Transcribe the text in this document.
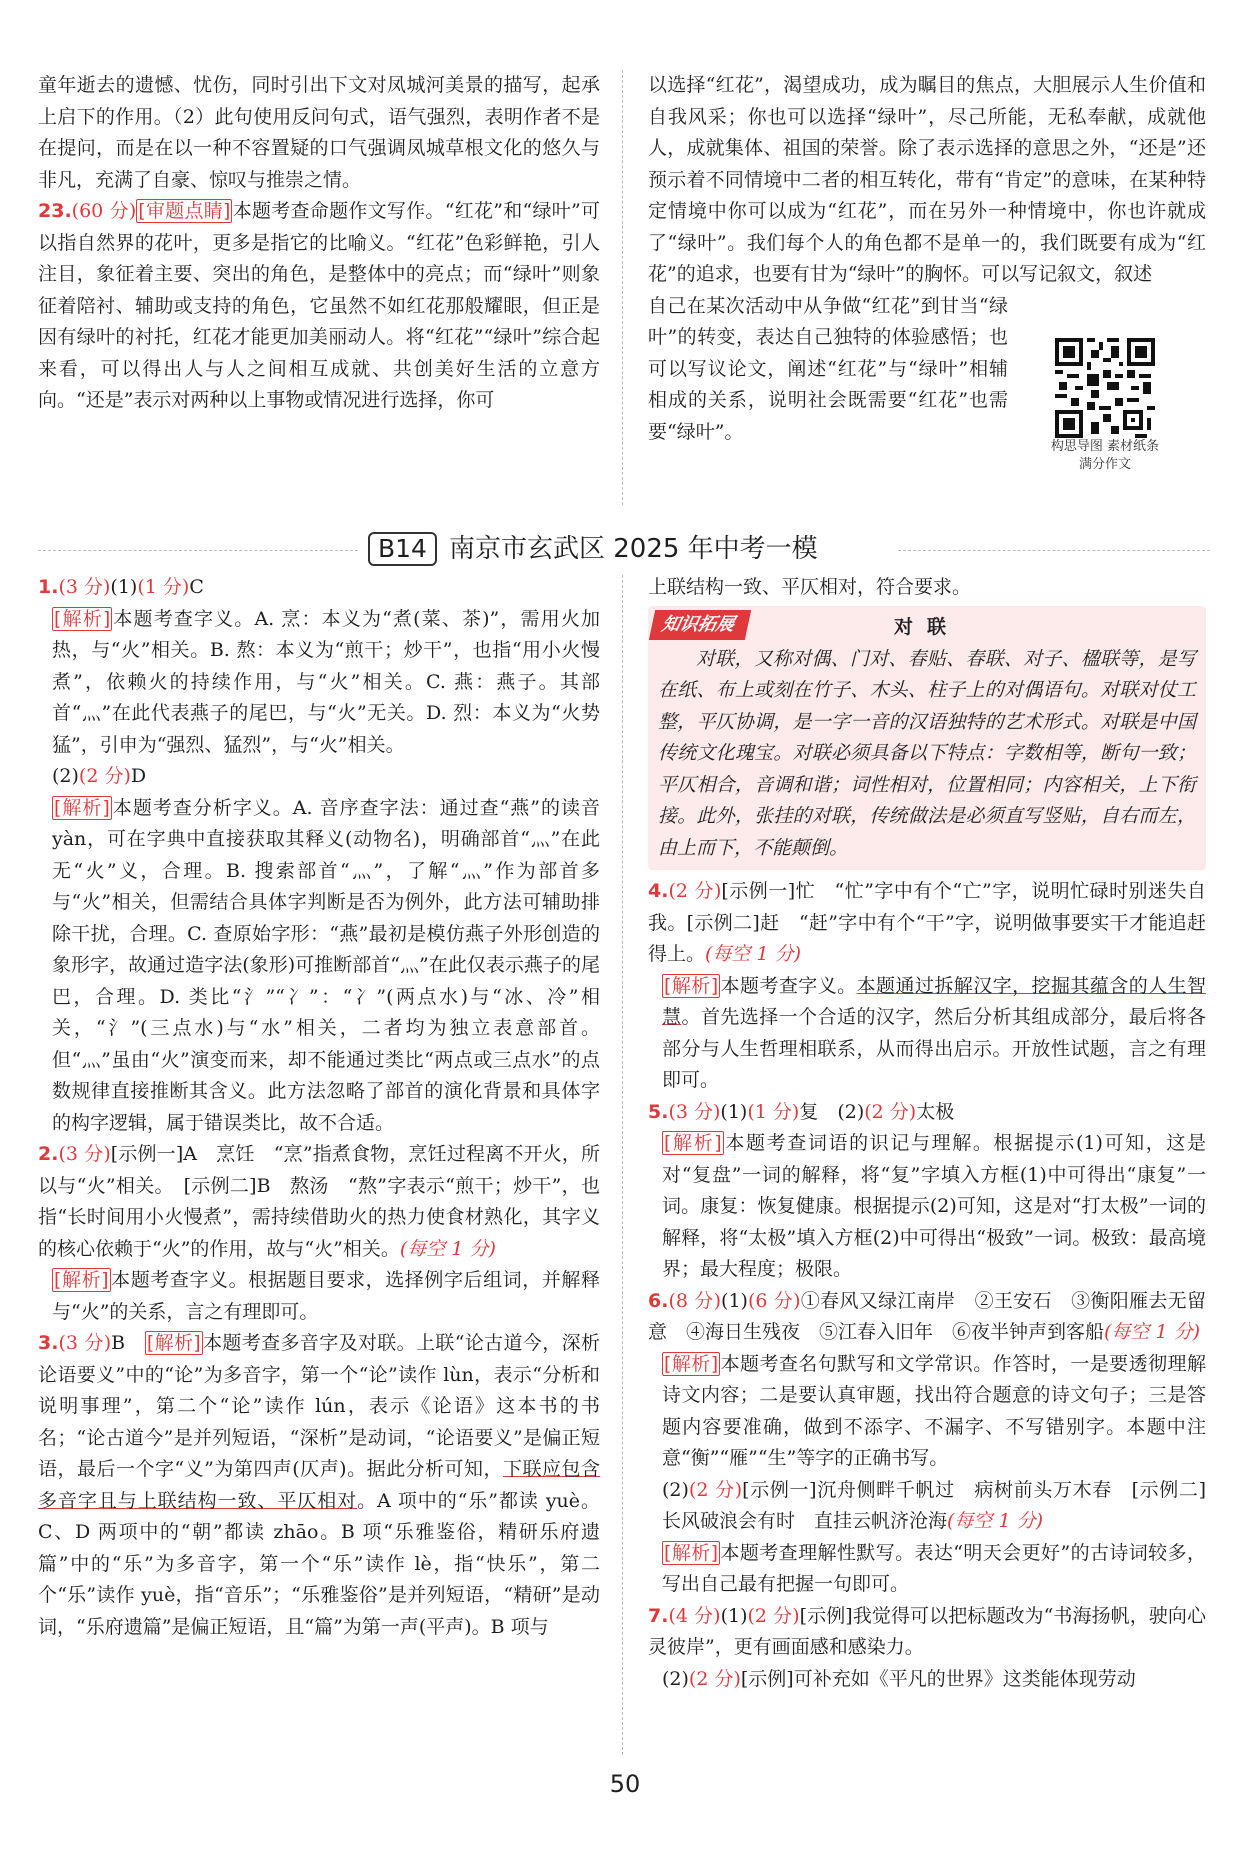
童年逝去的遗憾、忧伤，同时引出下文对凤城河美景的描写，起承上启下的作用。（2）此句使用反问句式，语气强烈，表明作者不是在提问，而是在以一种不容置疑的口气强调凤城草根文化的悠久与非凡，充满了自豪、惊叹与推崇之情。

23.(60 分) [审题点睛] 本题考查命题作文写作。“红花”和“绿叶”可以指自然界的花叶，更多是指它的比喻义。“红花”色彩鲜艳，引人注目，象征着主要、突出的角色，是整体中的亮点；而“绿叶”则象征着陪衬、辅助或支持的角色，它虽然不如红花那般耀眼，但正是因有绿叶的衬托，红花才能更加美丽动人。将“红花”“绿叶”综合起来看，可以得出人与人之间相互成就、共创美好生活的立意方向。“还是”表示对两种以上事物或情况进行选择，你可

以选择“红花”，渴望成功，成为瞩目的焦点，大胆展示人生价值和自我风采；你也可以选择“绿叶”，尽己所能，无私奉献，成就他人，成就集体、祖国的荣誉。除了表示选择的意思之外，“还是”还预示着不同情境中二者的相互转化，带有“肯定”的意味，在某种特定情境中你可以成为“红花”，而在另外一种情境中，你也许就成了“绿叶”。我们每个人的角色都不是单一的，我们既要有成为“红花”的追求，也要有甘为“绿叶”的胸怀。可以写记叙文，叙述

自己在某次活动中从争做“红花”到甘当“绿叶”的转变，表达自己独特的体验感悟；也可以写议论文，阐述“红花”与“绿叶”相辅相成的关系，说明社会既需要“红花”也需要“绿叶”。
构思导图 素材纸条
满分作文
B14 南京市玄武区 2025 年中考一模

1.(3 分)(1)(1 分)C

[解析] 本题考查字义。A. 烹：本义为“煮(菜、茶)”，需用火加热，与“火”相关。B. 熬：本义为“煎干；炒干”，也指“用小火慢煮”，依赖火的持续作用，与“火”相关。C. 燕：燕子。其部首“灬”在此代表燕子的尾巴，与“火”无关。D. 烈：本义为“火势猛”，引申为“强烈、猛烈”，与“火”相关。

(2)(2 分)D

[解析] 本题考查分析字义。A. 音序查字法：通过查“燕”的读音 yàn，可在字典中直接获取其释义(动物名)，明确部首“灬”在此无“火”义，合理。B. 搜索部首“灬”，了解“灬”作为部首多与“火”相关，但需结合具体字判断是否为例外，此方法可辅助排除干扰，合理。C. 查原始字形：“燕”最初是模仿燕子外形创造的象形字，故通过造字法(象形)可推断部首“灬”在此仅表示燕子的尾巴，合理。D. 类比“氵”“冫”：“冫”(两点水)与“冰、冷”相关，“氵”(三点水)与“水”相关，二者均为独立表意部首。但“灬”虽由“火”演变而来，却不能通过类比“两点或三点水”的点数规律直接推断其含义。此方法忽略了部首的演化背景和具体字的构字逻辑，属于错误类比，故不合适。

2.(3 分)[示例一]A　烹饪　“烹”指煮食物，烹饪过程离不开火，所以与“火”相关。　 [示例二]B　熬汤　“熬”字表示“煎干；炒干”，也指“长时间用小火慢煮”，需持续借助火的热力使食材熟化，其字义的核心依赖于“火”的作用，故与“火”相关。(每空 1 分)

[解析] 本题考查字义。根据题目要求，选择例字后组词，并解释与“火”的关系，言之有理即可。

3.(3 分)B　 [解析] 本题考查多音字及对联。上联“论古道今，深析论语要义”中的“论”为多音字，第一个“论”读作 lùn，表示“分析和说明事理”，第二个“论”读作 lún，表示《论语》这本书的书名；“论古道今”是并列短语，“深析”是动词，“论语要义”是偏正短语，最后一个字“义”为第四声(仄声)。据此分析可知，下联应包含多音字且与上联结构一致、平仄相对。A 项中的“乐”都读 yuè。C、D 两项中的“朝”都读 zhāo。B 项“乐雅鉴俗，精研乐府遗篇”中的“乐”为多音字，第一个“乐”读作 lè，指“快乐”，第二个“乐”读作 yuè，指“音乐”；“乐雅鉴俗”是并列短语，“精研”是动词，“乐府遗篇”是偏正短语，且“篇”为第一声(平声)。B 项与

上联结构一致、平仄相对，符合要求。

知识拓展	对联

对联，又称对偶、门对、春贴、春联、对子、楹联等，是写在纸、布上或刻在竹子、木头、柱子上的对偶语句。对联对仗工整，平仄协调，是一字一音的汉语独特的艺术形式。对联是中国传统文化瑰宝。对联必须具备以下特点：字数相等，断句一致；平仄相合，音调和谐；词性相对，位置相同；内容相关，上下衔接。此外，张挂的对联，传统做法是必须直写竖贴，自右而左，由上而下，不能颠倒。

4.(2 分)[示例一]忙　“忙”字中有个“亡”字，说明忙碌时别迷失自我。[示例二]赶　“赶”字中有个“干”字，说明做事要实干才能追赶得上。(每空 1 分)

[解析] 本题考查字义。本题通过拆解汉字，挖掘其蕴含的人生智慧。首先选择一个合适的汉字，然后分析其组成部分，最后将各部分与人生哲理相联系，从而得出启示。开放性试题，言之有理即可。

5.(3 分)(1)(1 分)复　 (2)(2 分)太极

[解析] 本题考查词语的识记与理解。根据提示(1)可知，这是对“复盘”一词的解释，将“复”字填入方框(1)中可得出“康复”一词。康复：恢复健康。根据提示(2)可知，这是对“打太极”一词的解释，将“太极”填入方框(2)中可得出“极致”一词。极致：最高境界；最大程度；极限。

6.(8 分)(1)(6 分)①春风又绿江南岸　②王安石　③衡阳雁去无留意　④海日生残夜　⑤江春入旧年　⑥夜半钟声到客船(每空 1 分)

[解析] 本题考查名句默写和文学常识。作答时，一是要透彻理解诗文内容；二是要认真审题，找出符合题意的诗文句子；三是答题内容要准确，做到不添字、不漏字、不写错别字。本题中注意“衡”“雁”“生”等字的正确书写。

(2)(2 分)[示例一]沉舟侧畔千帆过　病树前头万木春　[示例二]长风破浪会有时　直挂云帆济沧海(每空 1 分)

[解析] 本题考查理解性默写。表达“明天会更好”的古诗词较多，写出自己最有把握一句即可。

7.(4 分)(1)(2 分)[示例]我觉得可以把标题改为“书海扬帆，驶向心灵彼岸”，更有画面感和感染力。

(2)(2 分)[示例]可补充如《平凡的世界》这类能体现劳动

50
